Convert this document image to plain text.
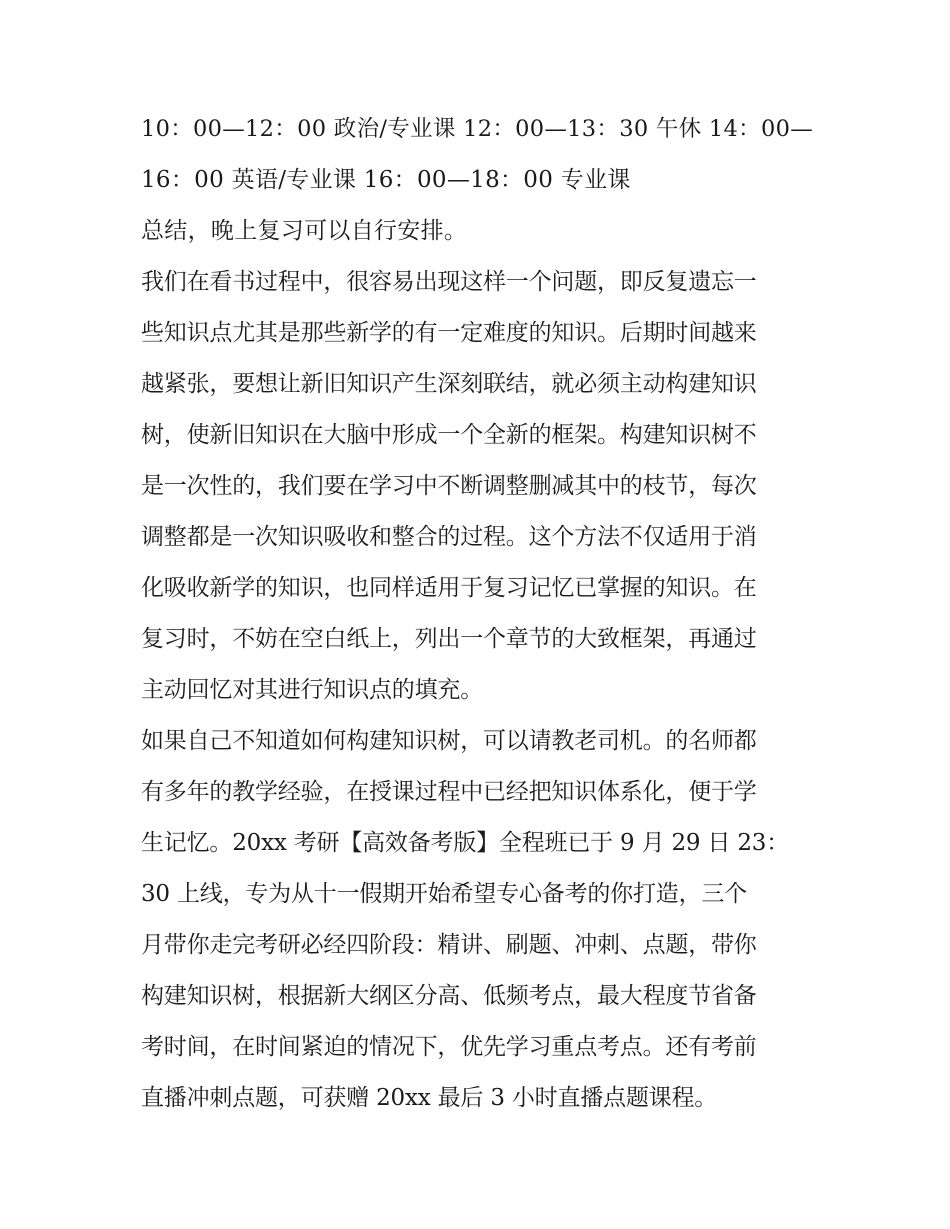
10：00—12：00 政治/专业课 12：00—13：30 午休 14：00—
16：00 英语/专业课 16：00—18：00 专业课
总结，晚上复习可以自行安排。
我们在看书过程中，很容易出现这样一个问题，即反复遗忘一
些知识点尤其是那些新学的有一定难度的知识。后期时间越来
越紧张，要想让新旧知识产生深刻联结，就必须主动构建知识
树，使新旧知识在大脑中形成一个全新的框架。构建知识树不
是一次性的，我们要在学习中不断调整删减其中的枝节，每次
调整都是一次知识吸收和整合的过程。这个方法不仅适用于消
化吸收新学的知识，也同样适用于复习记忆已掌握的知识。在
复习时，不妨在空白纸上，列出一个章节的大致框架，再通过
主动回忆对其进行知识点的填充。
如果自己不知道如何构建知识树，可以请教老司机。的名师都
有多年的教学经验，在授课过程中已经把知识体系化，便于学
生记忆。20xx 考研【高效备考版】全程班已于 9 月 29 日 23：
30 上线，专为从十一假期开始希望专心备考的你打造，三个
月带你走完考研必经四阶段：精讲、刷题、冲刺、点题，带你
构建知识树，根据新大纲区分高、低频考点，最大程度节省备
考时间，在时间紧迫的情况下，优先学习重点考点。还有考前
直播冲刺点题，可获赠 20xx 最后 3 小时直播点题课程。
